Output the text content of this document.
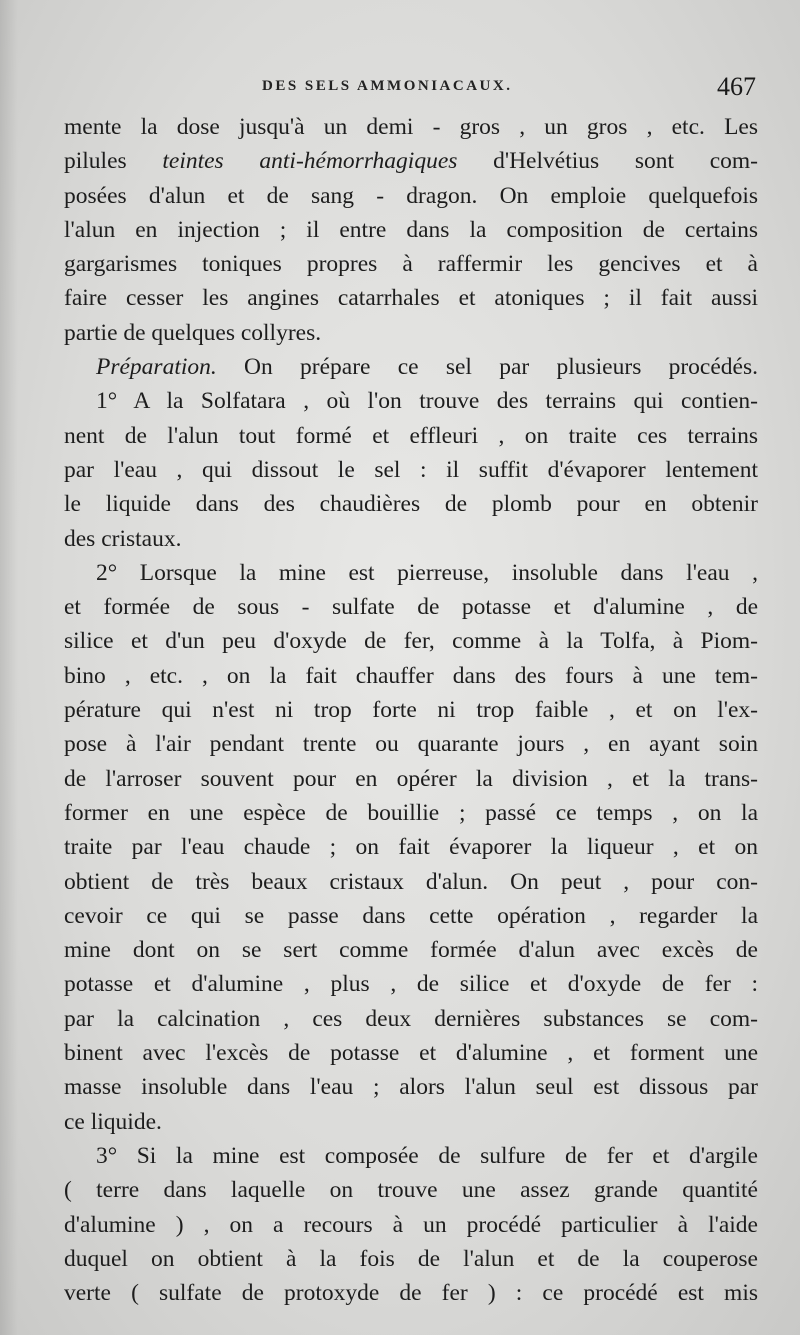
DES SELS AMMONIACAUX.	467
mente la dose jusqu'à un demi - gros , un gros , etc. Les
pilules teintes anti-hémorrhagiques d'Helvétius sont com-
posées d'alun et de sang - dragon. On emploie quelquefois
l'alun en injection ; il entre dans la composition de certains
gargarismes toniques propres à raffermir les gencives et à
faire cesser les angines catarrhales et atoniques ; il fait aussi
partie de quelques collyres.
Préparation. On prépare ce sel par plusieurs procédés.
1° A la Solfatara , où l'on trouve des terrains qui contien-
nent de l'alun tout formé et effleuri , on traite ces terrains
par l'eau , qui dissout le sel : il suffit d'évaporer lentement
le liquide dans des chaudières de plomb pour en obtenir
des cristaux.
2° Lorsque la mine est pierreuse, insoluble dans l'eau ,
et formée de sous - sulfate de potasse et d'alumine , de
silice et d'un peu d'oxyde de fer, comme à la Tolfa, à Piom-
bino , etc. , on la fait chauffer dans des fours à une tem-
pérature qui n'est ni trop forte ni trop faible , et on l'ex-
pose à l'air pendant trente ou quarante jours , en ayant soin
de l'arroser souvent pour en opérer la division , et la trans-
former en une espèce de bouillie ; passé ce temps , on la
traite par l'eau chaude ; on fait évaporer la liqueur , et on
obtient de très beaux cristaux d'alun. On peut , pour con-
cevoir ce qui se passe dans cette opération , regarder la
mine dont on se sert comme formée d'alun avec excès de
potasse et d'alumine , plus , de silice et d'oxyde de fer :
par la calcination , ces deux dernières substances se com-
binent avec l'excès de potasse et d'alumine , et forment une
masse insoluble dans l'eau ; alors l'alun seul est dissous par
ce liquide.
3° Si la mine est composée de sulfure de fer et d'argile
( terre dans laquelle on trouve une assez grande quantité
d'alumine ) , on a recours à un procédé particulier à l'aide
duquel on obtient à la fois de l'alun et de la couperose
verte ( sulfate de protoxyde de fer ) : ce procédé est mis
